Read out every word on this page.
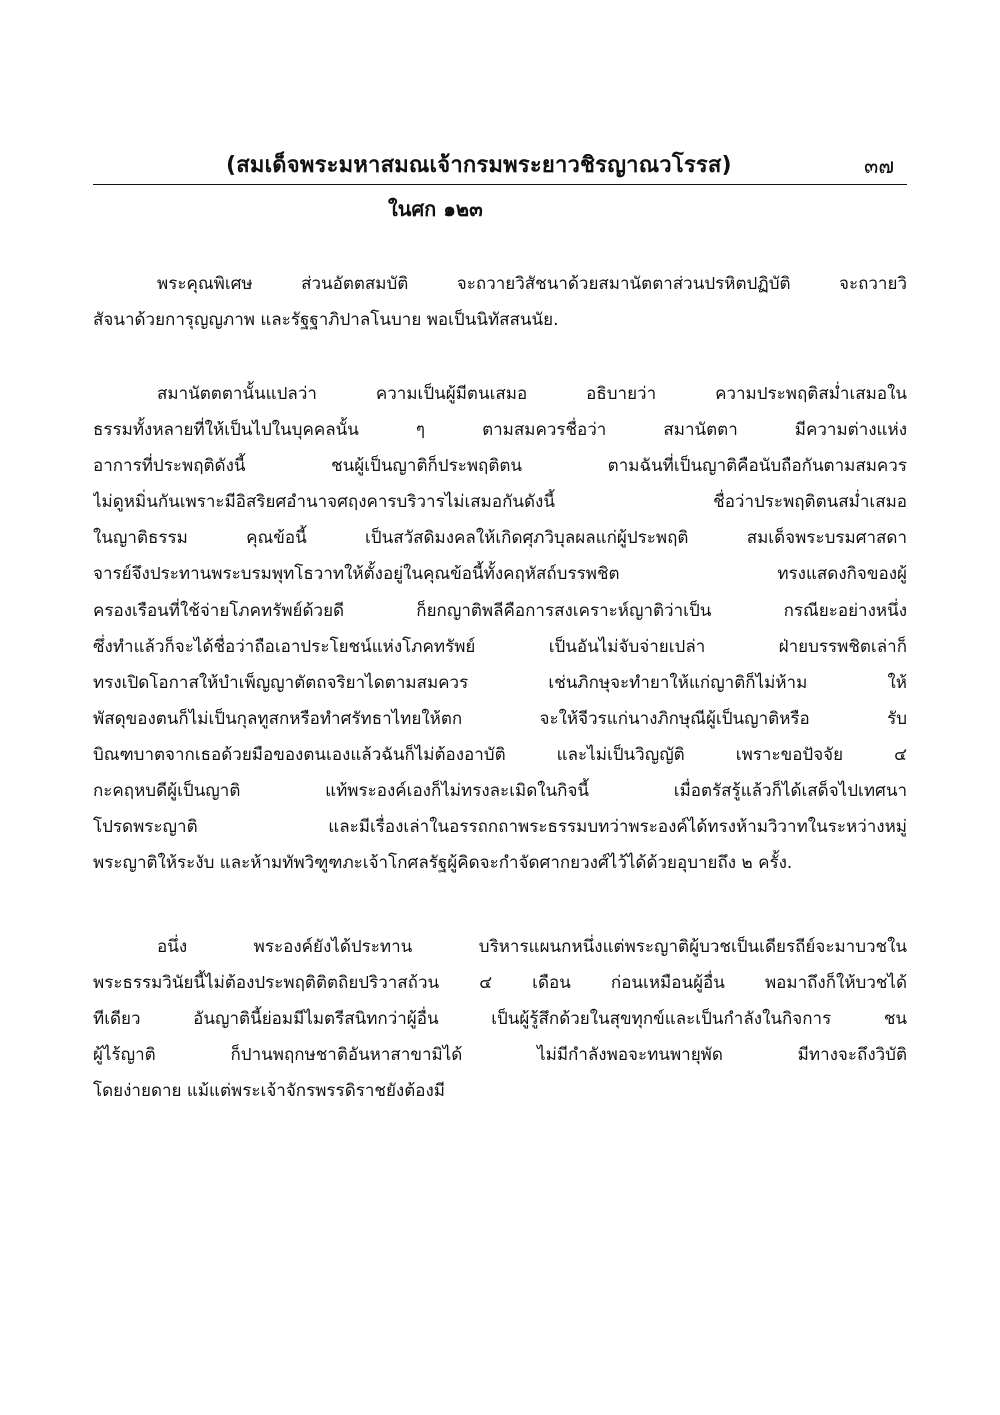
(สมเด็จพระมหาสมณเจ้ากรมพระยาวชิรญาณวโรรส)	๓๗
ในศก ๑๒๓
พระคุณพิเศษ ส่วนอัตตสมบัติ จะถวายวิสัชนาด้วยสมานัตตาส่วนปรหิตปฏิบัติ จะถวายวิ
สัจนาด้วยการุญญภาพ และรัฐฐาภิปาลโนบาย พอเป็นนิทัสสนนัย.
สมานัตตตานั้นแปลว่า ความเป็นผู้มีตนเสมอ อธิบายว่า ความประพฤติสม่ำเสมอใน
ธรรมทั้งหลายที่ให้เป็นไปในบุคคลนั้น ๆ ตามสมควรชื่อว่า สมานัตตา มีความต่างแห่ง
อาการที่ประพฤติดังนี้ ชนผู้เป็นญาติก็ประพฤติตน ตามฉันที่เป็นญาติคือนับถือกันตามสมควร
ไม่ดูหมิ่นกันเพราะมีอิสริยศอำนาจศฤงคารบริวารไม่เสมอกันดังนี้ ชื่อว่าประพฤติตนสม่ำเสมอ
ในญาติธรรม คุณข้อนี้ เป็นสวัสดิมงคลให้เกิดศุภวิบุลผลแก่ผู้ประพฤติ สมเด็จพระบรมศาสดา
จารย์จึงประทานพระบรมพุทโธวาทให้ตั้งอยู่ในคุณข้อนี้ทั้งคฤหัสถ์บรรพชิต ทรงแสดงกิจของผู้
ครองเรือนที่ใช้จ่ายโภคทรัพย์ด้วยดี ก็ยกญาติพลีคือการสงเคราะห์ญาติว่าเป็น กรณียะอย่างหนึ่ง
ซึ่งทำแล้วก็จะได้ชื่อว่าถือเอาประโยชน์แห่งโภคทรัพย์ เป็นอันไม่จับจ่ายเปล่า ฝ่ายบรรพชิตเล่าก็
ทรงเปิดโอกาสให้บำเพ็ญญาตัตถจริยาไดตามสมควร เช่นภิกษุจะทำยาให้แก่ญาติก็ไม่ห้าม ให้
พัสดุของตนก็ไม่เป็นกุลทูสกหรือทำศรัทธาไทยให้ตก จะให้จีวรแก่นางภิกษุณีผู้เป็นญาติหรือ รับ
บิณฑบาตจากเธอด้วยมือของตนเองแล้วฉันก็ไม่ต้องอาบัติ และไม่เป็นวิญญัติ เพราะขอปัจจัย ๔
กะคฤหบดีผู้เป็นญาติ แท้พระองค์เองก็ไม่ทรงละเมิดในกิจนี้ เมื่อตรัสรู้แล้วก็ได้เสด็จไปเทศนา
โปรดพระญาติ และมีเรื่องเล่าในอรรถกถาพระธรรมบทว่าพระองค์ได้ทรงห้ามวิวาทในระหว่างหมู่
พระญาติให้ระงับ และห้ามทัพวิฑูฑภะเจ้าโกศลรัฐผู้คิดจะกำจัดศากยวงศ์ไว้ได้ด้วยอุบายถึง ๒ ครั้ง.
อนึ่ง พระองค์ยังได้ประทาน บริหารแผนกหนึ่งแต่พระญาติผู้บวชเป็นเดียรถีย์จะมาบวชใน
พระธรรมวินัยนี้ไม่ต้องประพฤติติตถิยปริวาสถ้วน ๔ เดือน ก่อนเหมือนผู้อื่น พอมาถึงก็ให้บวชได้
ทีเดียว อันญาตินี้ย่อมมีไมตรีสนิทกว่าผู้อื่น เป็นผู้รู้สึกด้วยในสุขทุกข์และเป็นกำลังในกิจการ ชน
ผู้ไร้ญาติ ก็ปานพฤกษชาติอันหาสาขามิได้ ไม่มีกำลังพอจะทนพายุพัด มีทางจะถึงวิบัติ
โดยง่ายดาย แม้แต่พระเจ้าจักรพรรดิราชยังต้องมี
